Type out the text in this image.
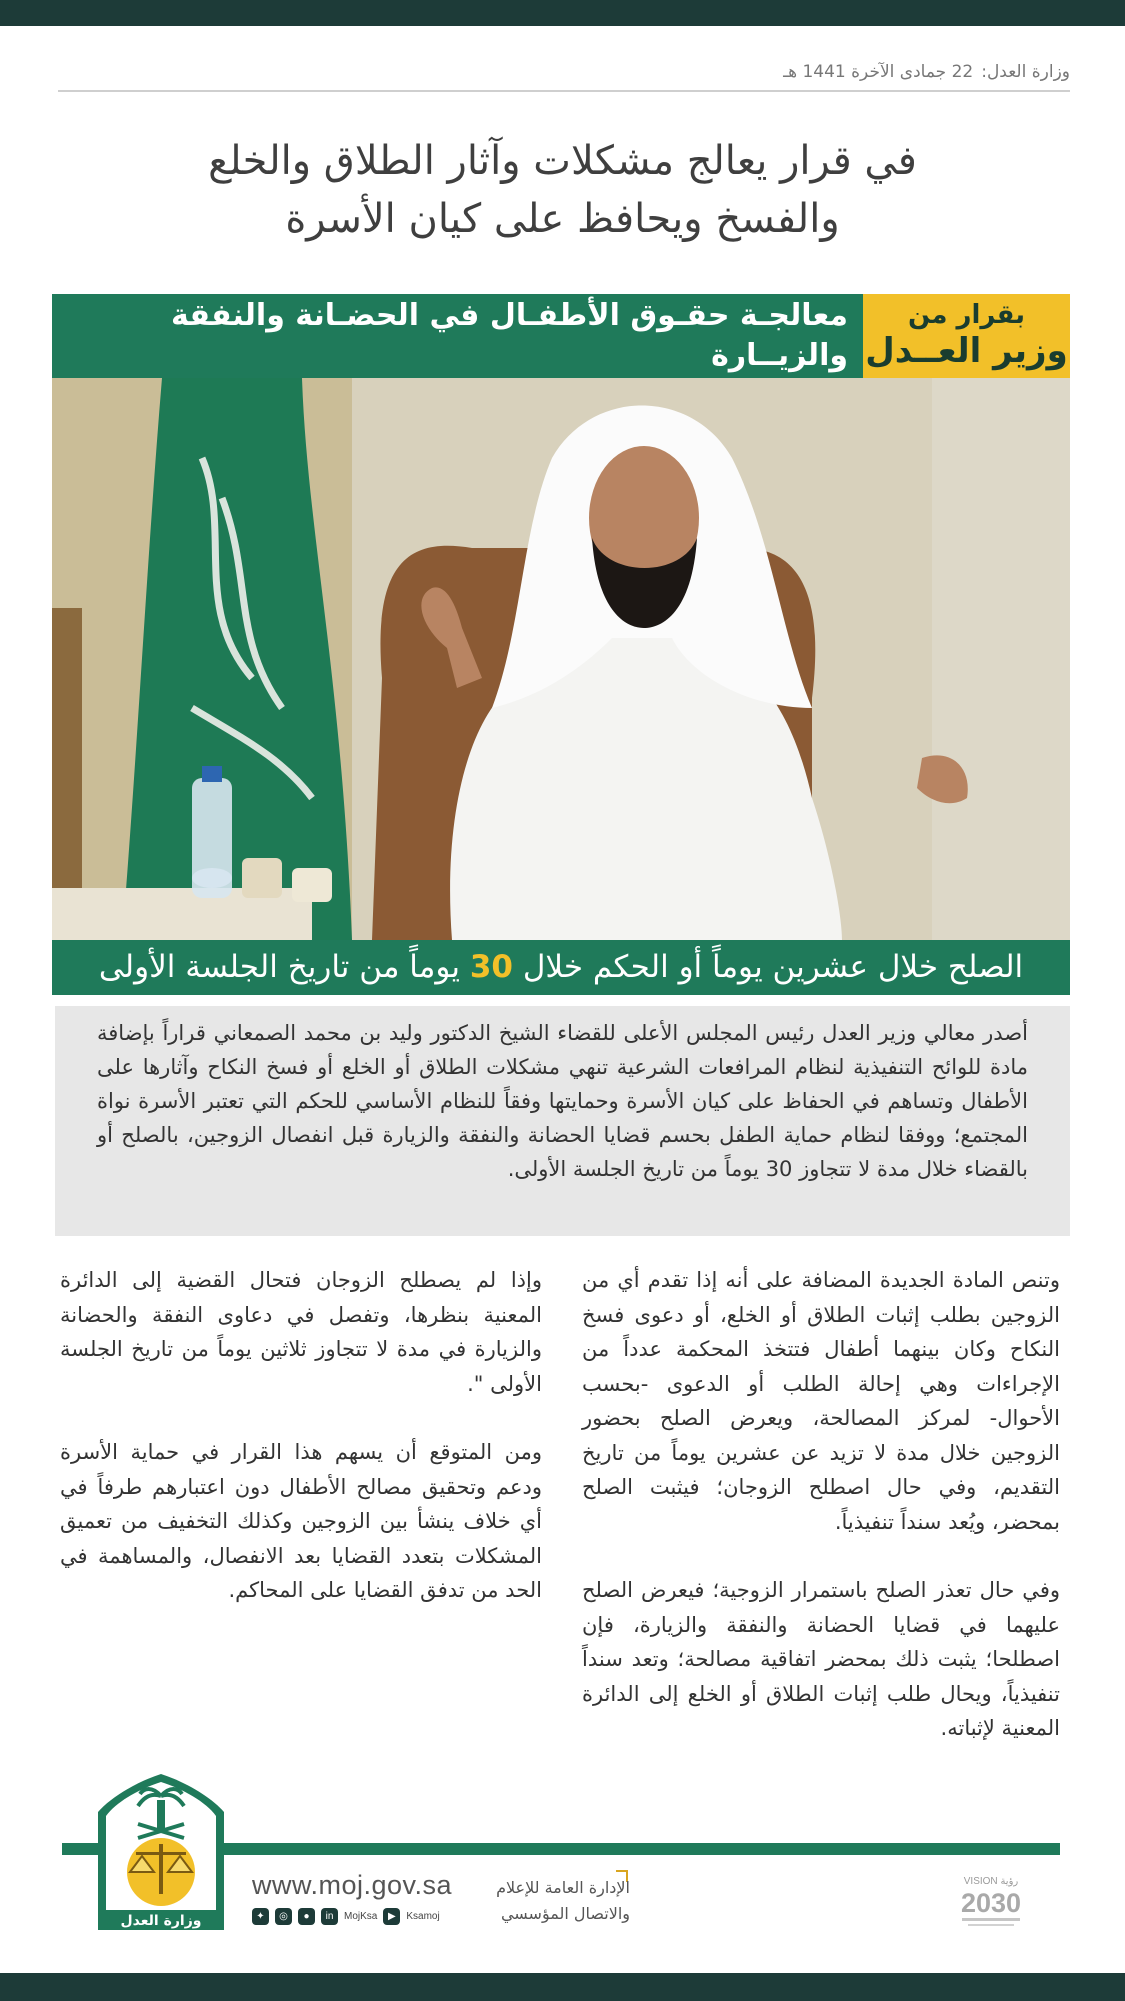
وزارة العدل:22 جمادى الآخرة 1441 هـ
في قرار يعالج مشكلات وآثار الطلاق والخلع
والفسخ ويحافظ على كيان الأسرة
بقرار من
وزير العــدل
معالجـة حقـوق الأطفـال في الحضـانة والنفقة والزيــارة
الصلح خلال عشرين يوماً أو الحكم خلال 30 يوماً من تاريخ الجلسة الأولى
أصدر معالي وزير العدل رئيس المجلس الأعلى للقضاء الشيخ الدكتور وليد بن محمد الصمعاني قراراً بإضافة مادة للوائح التنفيذية لنظام المرافعات الشرعية تنهي مشكلات الطلاق أو الخلع أو فسخ النكاح وآثارها على الأطفال وتساهم في الحفاظ على كيان الأسرة وحمايتها وفقاً للنظام الأساسي للحكم التي تعتبر الأسرة نواة المجتمع؛ ووفقا لنظام حماية الطفل بحسم قضايا الحضانة والنفقة والزيارة قبل انفصال الزوجين، بالصلح أو بالقضاء خلال مدة لا تتجاوز 30 يوماً من تاريخ الجلسة الأولى.

وتنص المادة الجديدة المضافة على أنه إذا تقدم أي من الزوجين بطلب إثبات الطلاق أو الخلع، أو دعوى فسخ النكاح وكان بينهما أطفال فتتخذ المحكمة عدداً من الإجراءات وهي إحالة الطلب أو الدعوى -بحسب الأحوال- لمركز المصالحة، ويعرض الصلح بحضور الزوجين خلال مدة لا تزيد عن عشرين يوماً من تاريخ التقديم، وفي حال اصطلح الزوجان؛ فيثبت الصلح بمحضر، ويُعد سنداً تنفيذياً.

وفي حال تعذر الصلح باستمرار الزوجية؛ فيعرض الصلح عليهما في قضايا الحضانة والنفقة والزيارة، فإن اصطلحا؛ يثبت ذلك بمحضر اتفاقية مصالحة؛ وتعد سنداً تنفيذياً، ويحال طلب إثبات الطلاق أو الخلع إلى الدائرة المعنية لإثباته.

وإذا لم يصطلح الزوجان فتحال القضية إلى الدائرة المعنية بنظرها، وتفصل في دعاوى النفقة والحضانة والزيارة في مدة لا تتجاوز ثلاثين يوماً من تاريخ الجلسة الأولى ".

ومن المتوقع أن يسهم هذا القرار في حماية الأسرة ودعم وتحقيق مصالح الأطفال دون اعتبارهم طرفاً في أي خلاف ينشأ بين الزوجين وكذلك التخفيف من تعميق المشكلات بتعدد القضايا بعد الانفصال، والمساهمة في الحد من تدفق القضايا على المحاكم.

وزارة العدل
www.moj.gov.sa
✦	◎	●	in	MojKsa	▶	Ksamoj
الإدارة العامة للإعلام
والاتصال المؤسسي
VISION رؤية
2030
